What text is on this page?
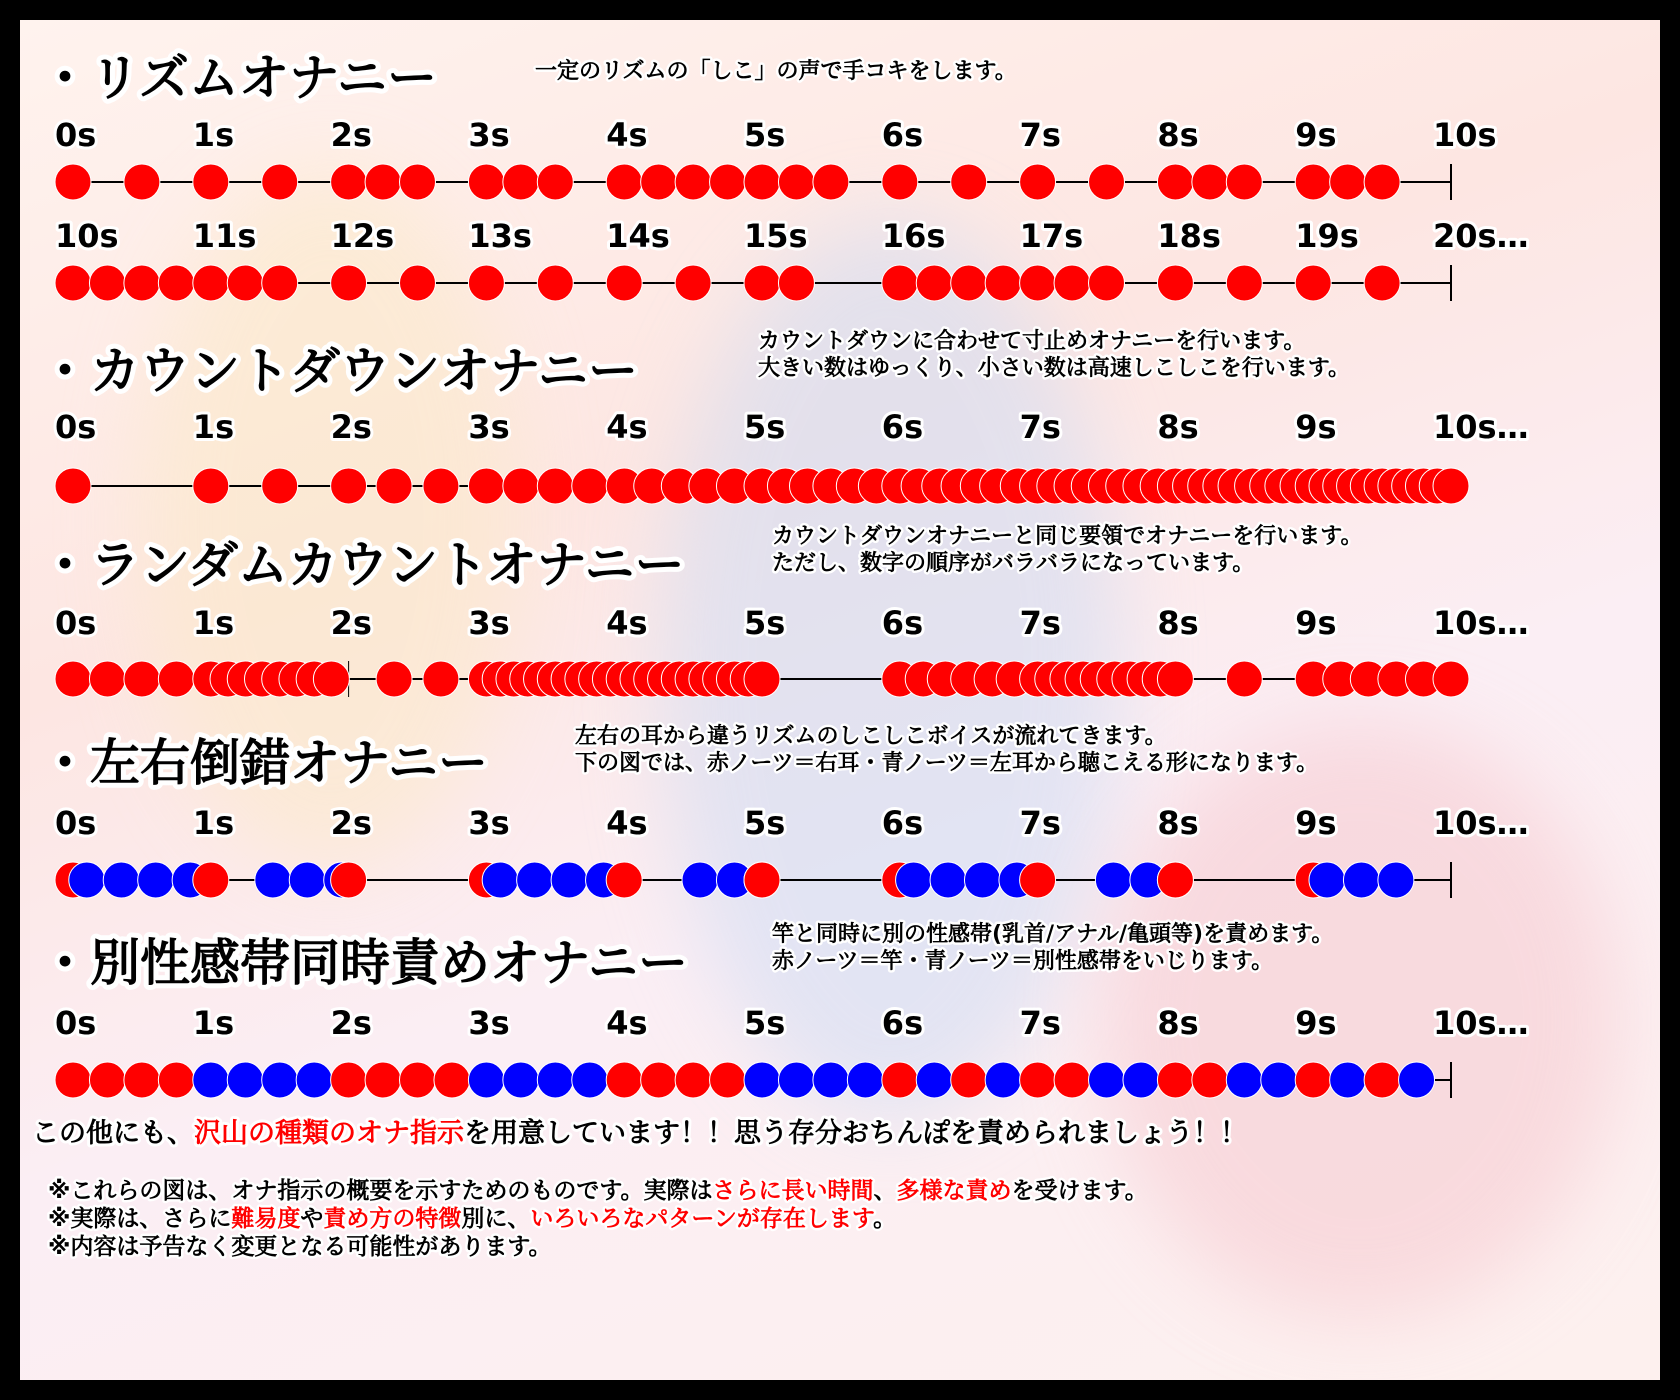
・リズムオナニー	一定のリズムの「しこ」の声で手コキをします。
0s	1s	2s	3s	4s	5s	6s	7s	8s	9s	10s
10s 11s 12s 13s 14s 15s 16s 17s 18s 19s 20s…
・カウントダウンオナニー
カウントダウンに合わせて寸止めオナニーを行います。
大きい数はゆっくり、小さい数は高速しこしこを行います。
0s	1s	2s	3s	4s	5s	6s	7s	8s	9s	10s…
・ランダムカウントオナニー	カウントダウンオナニーと同じ要領でオナニーを行います。
ただし、数字の順序がバラバラになっています。
0s	1s	2s	3s	4s	5s	6s	7s	8s	9s	10s…
・左右倒錯オナニー	左右の耳から違うリズムのしこしこボイスが流れてきます。
下の図では、赤ノーツ＝右耳・青ノーツ＝左耳から聴こえる形になります。
0s	1s	2s	3s	4s	5s	6s	7s	8s	9s	10s…
・別性感帯同時責めオナニー	竿と同時に別の性感帯(乳首/アナル/亀頭等)を責めます。
赤ノーツ＝竿・青ノーツ＝別性感帯をいじります。
0s	1s	2s	3s	4s	5s	6s	7s	8s	9s	10s…
この他にも、沢山の種類のオナ指示を用意しています！！思う存分おちんぽを責められましょう！！
※これらの図は、オナ指示の概要を示すためのものです。実際はさらに長い時間、多様な責めを受けます。
※実際は、さらに難易度や責め方の特徴別に、いろいろなパターンが存在します。
※内容は予告なく変更となる可能性があります。
